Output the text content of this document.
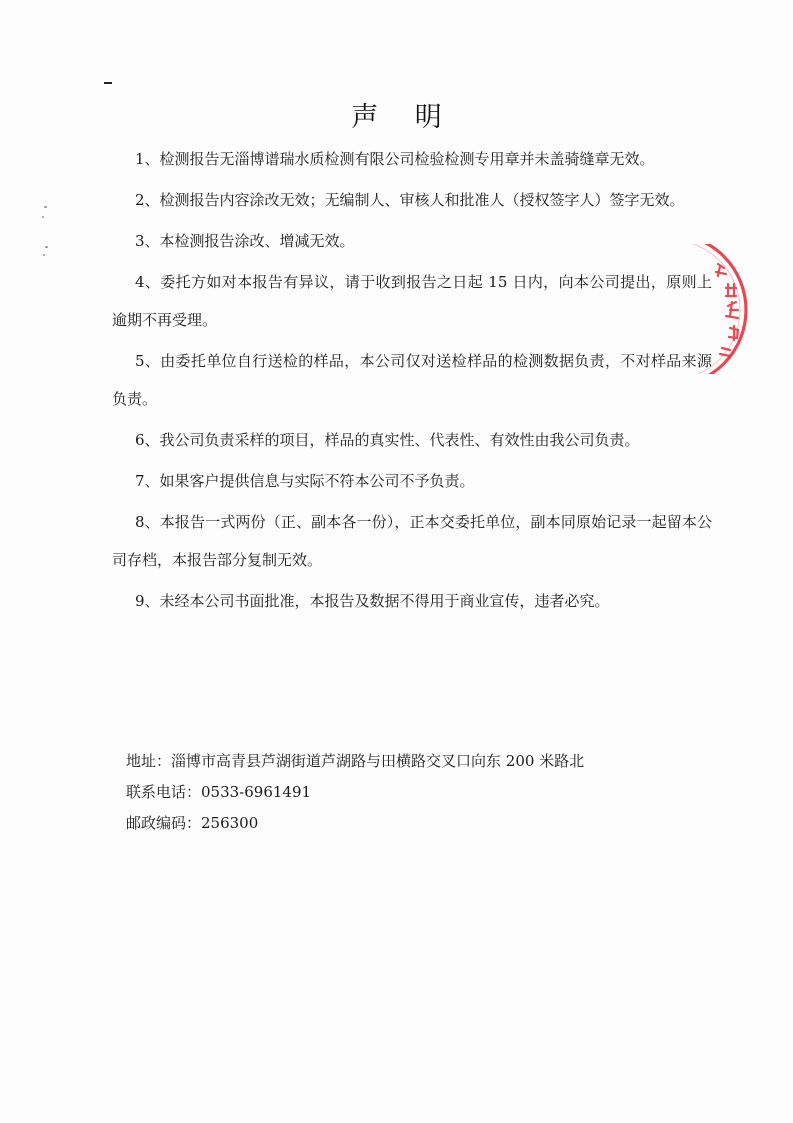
声 明

1、检测报告无淄博谱瑞水质检测有限公司检验检测专用章并未盖骑缝章无效。

2、检测报告内容涂改无效；无编制人、审核人和批准人（授权签字人）签字无效。

3、本检测报告涂改、增减无效。

4、委托方如对本报告有异议，请于收到报告之日起 15 日内，向本公司提出，原则上逾期不再受理。

5、由委托单位自行送检的样品，本公司仅对送检样品的检测数据负责，不对样品来源负责。

6、我公司负责采样的项目，样品的真实性、代表性、有效性由我公司负责。

7、如果客户提供信息与实际不符本公司不予负责。

8、本报告一式两份（正、副本各一份），正本交委托单位，副本同原始记录一起留本公司存档，本报告部分复制无效。

9、未经本公司书面批准，本报告及数据不得用于商业宣传，违者必究。

地址：淄博市高青县芦湖街道芦湖路与田横路交叉口向东 200 米路北
联系电话：0533-6961491
邮政编码：256300
